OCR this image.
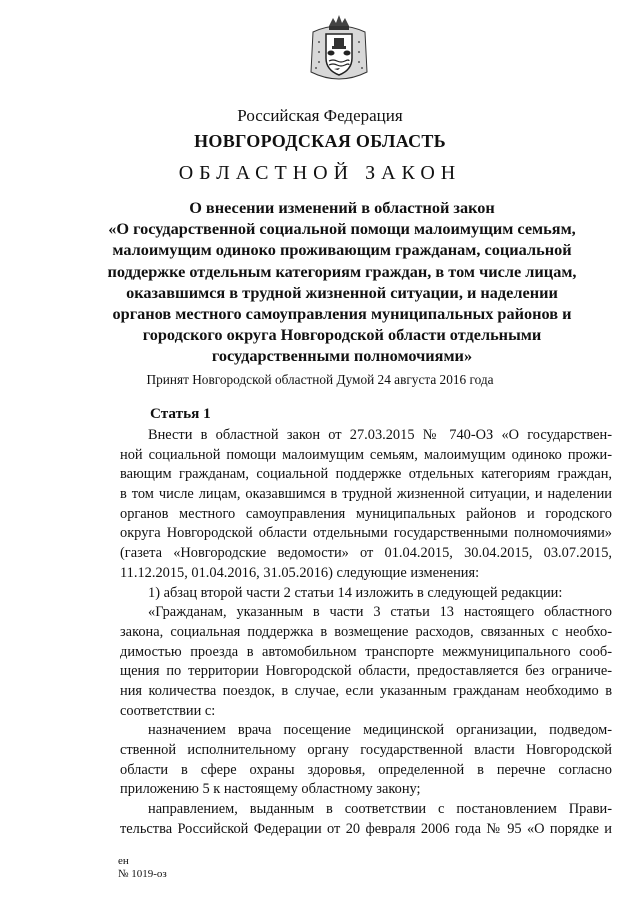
Российская Федерация
НОВГОРОДСКАЯ ОБЛАСТЬ
ОБЛАСТНОЙ ЗАКОН
О внесении изменений в областной закон
«О государственной социальной помощи малоимущим семьям,
малоимущим одиноко проживающим гражданам, социальной
поддержке отдельным категориям граждан, в том числе лицам,
оказавшимся в трудной жизненной ситуации, и наделении
органов местного самоуправления муниципальных районов и
городского округа Новгородской области отдельными
государственными полномочиями»
Принят Новгородской областной Думой 24 августа 2016 года
Статья 1
Внести в областной закон от 27.03.2015 № 740-ОЗ «О государствен-
ной социальной помощи малоимущим семьям, малоимущим одиноко прожи-
вающим гражданам, социальной поддержке отдельных категориям граждан,
в том числе лицам, оказавшимся в трудной жизненной ситуации, и наделении
органов местного самоуправления муниципальных районов и городского
округа Новгородской области отдельными государственными полномочиями»
(газета «Новгородские ведомости» от 01.04.2015, 30.04.2015, 03.07.2015,
11.12.2015, 01.04.2016, 31.05.2016) следующие изменения:
1) абзац второй части 2 статьи 14 изложить в следующей редакции:
«Гражданам, указанным в части 3 статьи 13 настоящего областного
закона, социальная поддержка в возмещение расходов, связанных с необхо-
димостью проезда в автомобильном транспорте межмуниципального сооб-
щения по территории Новгородской области, предоставляется без ограниче-
ния количества поездок, в случае, если указанным гражданам необходимо в
соответствии с:
назначением врача посещение медицинской организации, подведом-
ственной исполнительному органу государственной власти Новгородской
области в сфере охраны здоровья, определенной в перечне согласно
приложению 5 к настоящему областному закону;
направлением, выданным в соответствии с постановлением Прави-
тельства Российской Федерации от 20 февраля 2006 года № 95 «О порядке и
ен
№ 1019-оз
